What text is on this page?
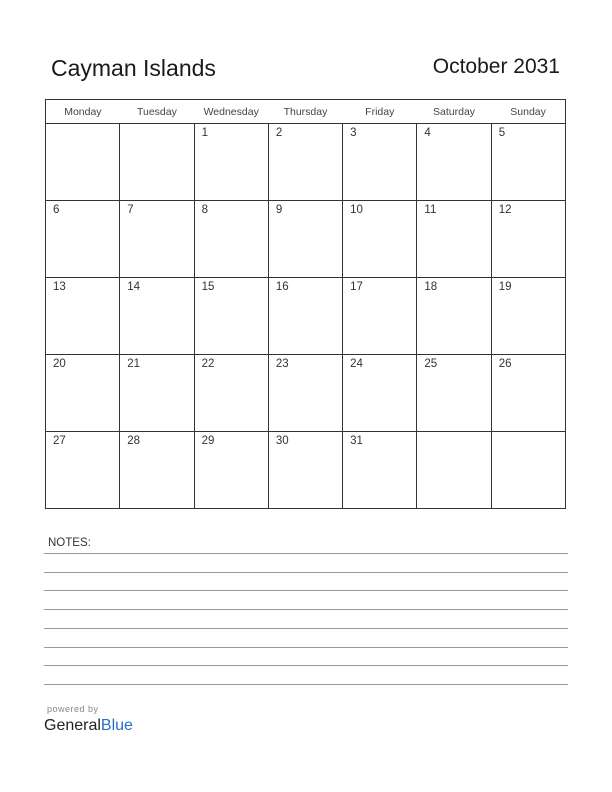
Cayman Islands	October 2031
Monday	Tuesday	Wednesday	Thursday	Friday	Saturday	Sunday

		1	2	3	4	5

6	7	8	9	10	11	12

13	14	15	16	17	18	19

20	21	22	23	24	25	26

27	28	29	30	31		

NOTES:
powered by
GeneralBlue
